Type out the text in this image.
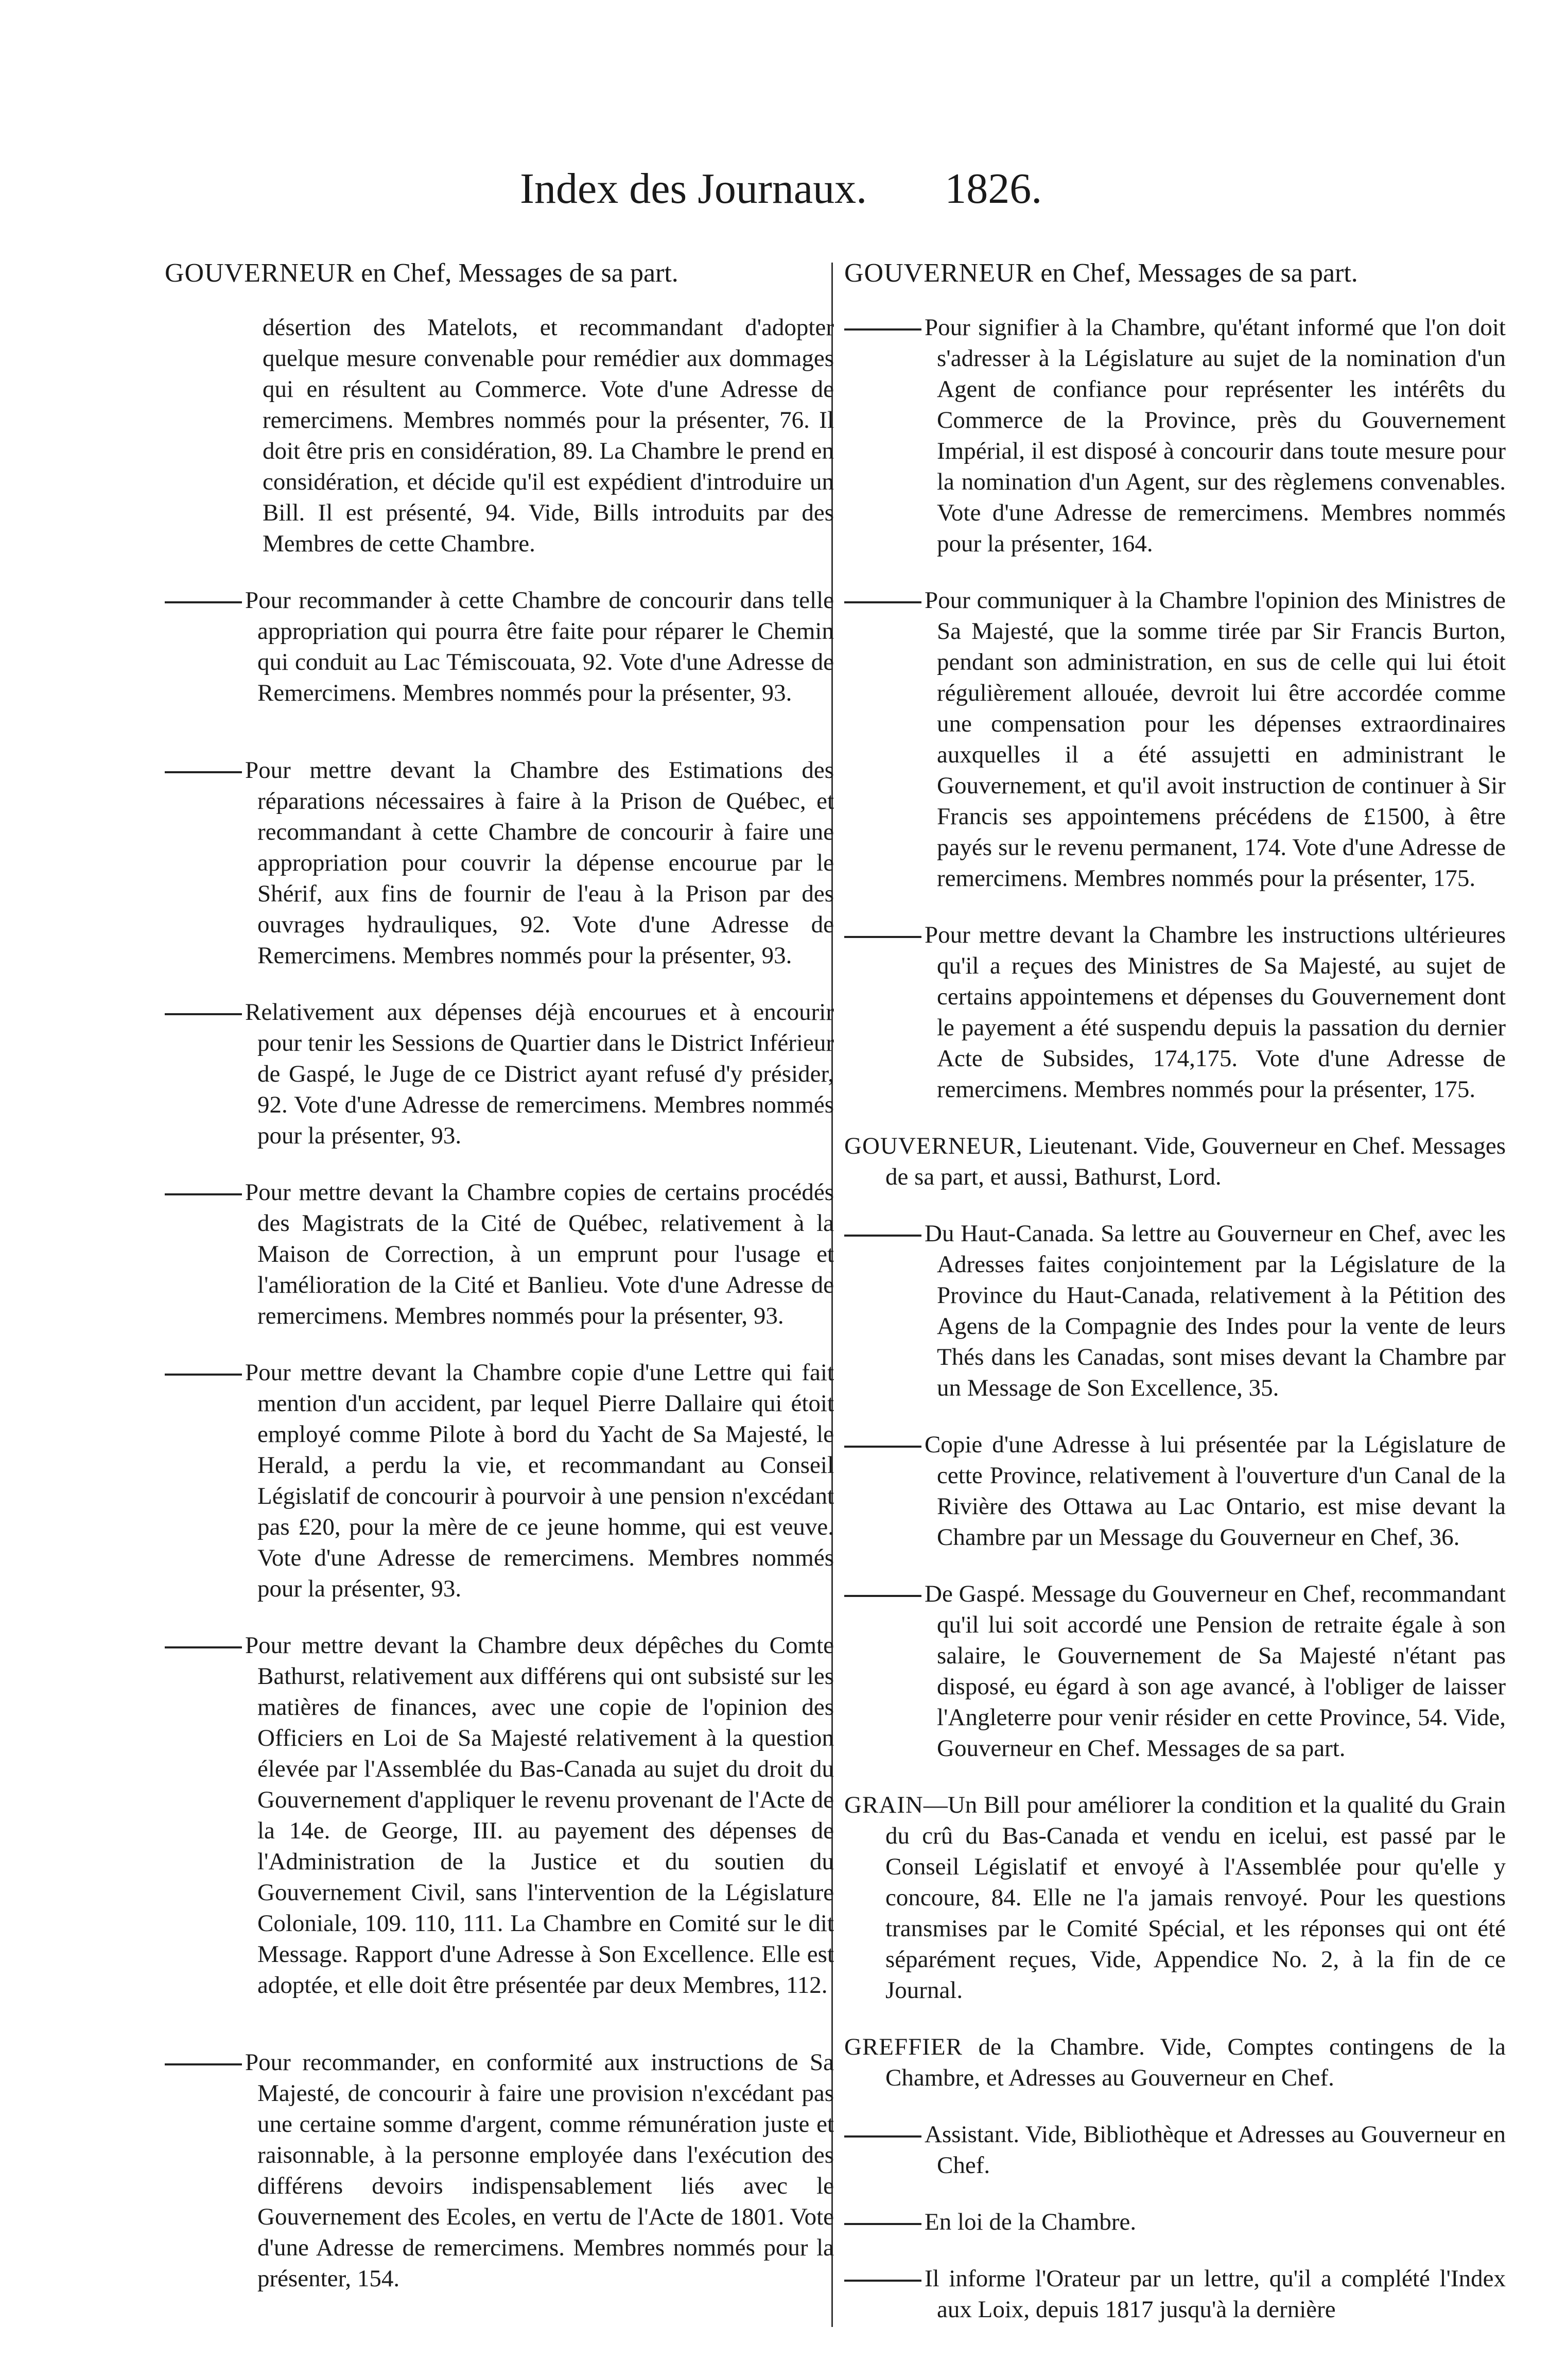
Index des Journaux. 1826.
GOUVERNEUR en Chef, Messages de sa part.

désertion des Matelots, et recommandant d'adopter quelque mesure convenable pour remédier aux dommages qui en résultent au Commerce. Vote d'une Adresse de remercimens. Membres nommés pour la présenter, 76. Il doit être pris en considération, 89. La Chambre le prend en considération, et décide qu'il est expédient d'introduire un Bill. Il est présenté, 94. Vide, Bills introduits par des Membres de cette Chambre.

Pour recommander à cette Chambre de concourir dans telle appropriation qui pourra être faite pour réparer le Chemin qui conduit au Lac Témiscouata, 92. Vote d'une Adresse de Remercimens. Membres nommés pour la présenter, 93.

Pour mettre devant la Chambre des Estimations des réparations nécessaires à faire à la Prison de Québec, et recommandant à cette Chambre de concourir à faire une appropriation pour couvrir la dépense encourue par le Shérif, aux fins de fournir de l'eau à la Prison par des ouvrages hydrauliques, 92. Vote d'une Adresse de Remercimens. Membres nommés pour la présenter, 93.

Relativement aux dépenses déjà encourues et à encourir pour tenir les Sessions de Quartier dans le District Inférieur de Gaspé, le Juge de ce District ayant refusé d'y présider, 92. Vote d'une Adresse de remercimens. Membres nommés pour la présenter, 93.

Pour mettre devant la Chambre copies de certains procédés des Magistrats de la Cité de Québec, relativement à la Maison de Correction, à un emprunt pour l'usage et l'amélioration de la Cité et Banlieu. Vote d'une Adresse de remercimens. Membres nommés pour la présenter, 93.

Pour mettre devant la Chambre copie d'une Lettre qui fait mention d'un accident, par lequel Pierre Dallaire qui étoit employé comme Pilote à bord du Yacht de Sa Majesté, le Herald, a perdu la vie, et recommandant au Conseil Législatif de concourir à pourvoir à une pension n'excédant pas £20, pour la mère de ce jeune homme, qui est veuve. Vote d'une Adresse de remercimens. Membres nommés pour la présenter, 93.

Pour mettre devant la Chambre deux dépêches du Comte Bathurst, relativement aux différens qui ont subsisté sur les matières de finances, avec une copie de l'opinion des Officiers en Loi de Sa Majesté relativement à la question élevée par l'Assemblée du Bas-Canada au sujet du droit du Gouvernement d'appliquer le revenu provenant de l'Acte de la 14e. de George, III. au payement des dépenses de l'Administration de la Justice et du soutien du Gouvernement Civil, sans l'intervention de la Législature Coloniale, 109. 110, 111. La Chambre en Comité sur le dit Message. Rapport d'une Adresse à Son Excellence. Elle est adoptée, et elle doit être présentée par deux Membres, 112.

Pour recommander, en conformité aux instructions de Sa Majesté, de concourir à faire une provision n'excédant pas une certaine somme d'argent, comme rémunération juste et raisonnable, à la personne employée dans l'exécution des différens devoirs indispensablement liés avec le Gouvernement des Ecoles, en vertu de l'Acte de 1801. Vote d'une Adresse de remercimens. Membres nommés pour la présenter, 154.

GOUVERNEUR en Chef, Messages de sa part.

Pour signifier à la Chambre, qu'étant informé que l'on doit s'adresser à la Législature au sujet de la nomination d'un Agent de confiance pour représenter les intérêts du Commerce de la Province, près du Gouvernement Impérial, il est disposé à concourir dans toute mesure pour la nomination d'un Agent, sur des règlemens convenables. Vote d'une Adresse de remercimens. Membres nommés pour la présenter, 164.

Pour communiquer à la Chambre l'opinion des Ministres de Sa Majesté, que la somme tirée par Sir Francis Burton, pendant son administration, en sus de celle qui lui étoit régulièrement allouée, devroit lui être accordée comme une compensation pour les dépenses extraordinaires auxquelles il a été assujetti en administrant le Gouvernement, et qu'il avoit instruction de continuer à Sir Francis ses appointemens précédens de £1500, à être payés sur le revenu permanent, 174. Vote d'une Adresse de remercimens. Membres nommés pour la présenter, 175.

Pour mettre devant la Chambre les instructions ultérieures qu'il a reçues des Ministres de Sa Majesté, au sujet de certains appointemens et dépenses du Gouvernement dont le payement a été suspendu depuis la passation du dernier Acte de Subsides, 174,175. Vote d'une Adresse de remercimens. Membres nommés pour la présenter, 175.

GOUVERNEUR, Lieutenant. Vide, Gouverneur en Chef. Messages de sa part, et aussi, Bathurst, Lord.

Du Haut-Canada. Sa lettre au Gouverneur en Chef, avec les Adresses faites conjointement par la Législature de la Province du Haut-Canada, relativement à la Pétition des Agens de la Compagnie des Indes pour la vente de leurs Thés dans les Canadas, sont mises devant la Chambre par un Message de Son Excellence, 35.

Copie d'une Adresse à lui présentée par la Législature de cette Province, relativement à l'ouverture d'un Canal de la Rivière des Ottawa au Lac Ontario, est mise devant la Chambre par un Message du Gouverneur en Chef, 36.

De Gaspé. Message du Gouverneur en Chef, recommandant qu'il lui soit accordé une Pension de retraite égale à son salaire, le Gouvernement de Sa Majesté n'étant pas disposé, eu égard à son age avancé, à l'obliger de laisser l'Angleterre pour venir résider en cette Province, 54. Vide, Gouverneur en Chef. Messages de sa part.

GRAIN—Un Bill pour améliorer la condition et la qualité du Grain du crû du Bas-Canada et vendu en icelui, est passé par le Conseil Législatif et envoyé à l'Assemblée pour qu'elle y concoure, 84. Elle ne l'a jamais renvoyé. Pour les questions transmises par le Comité Spécial, et les réponses qui ont été séparément reçues, Vide, Appendice No. 2, à la fin de ce Journal.

GREFFIER de la Chambre. Vide, Comptes contingens de la Chambre, et Adresses au Gouverneur en Chef.

Assistant. Vide, Bibliothèque et Adresses au Gouverneur en Chef.

En loi de la Chambre.

Il informe l'Orateur par un lettre, qu'il a complété l'Index aux Loix, depuis 1817 jusqu'à la dernière
